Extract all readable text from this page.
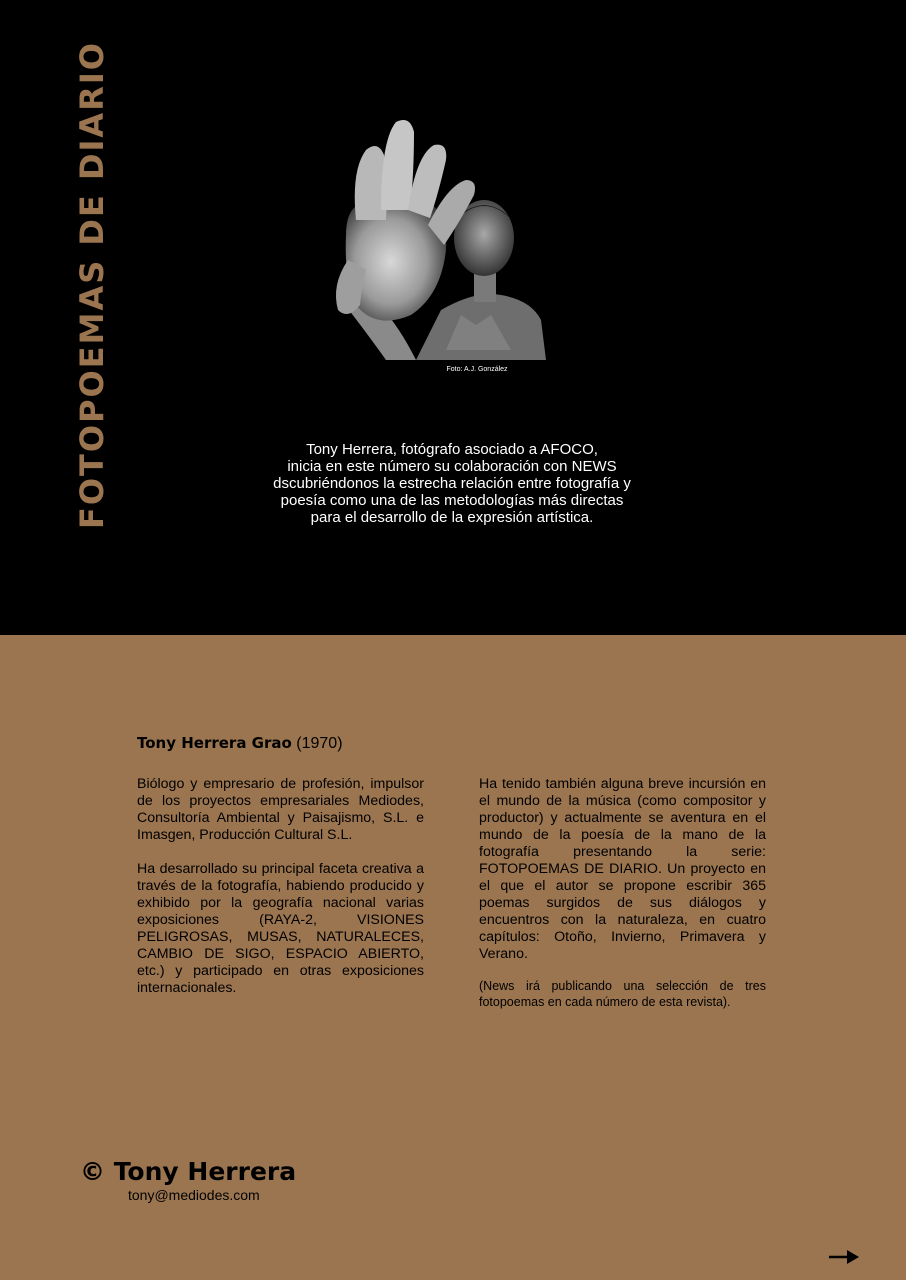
FOTOPOEMAS DE DIARIO	Foto: A.J. González

Tony Herrera, fotógrafo asociado a AFOCO,

inicia en este número su colaboración con NEWS

dscubriéndonos la estrecha relación entre fotografía y

poesía como una de las metodologías más directas

para el desarrollo de la expresión artística.

Tony Herrera Grao (1970)

Biólogo y empresario de profesión, impulsor de los proyectos empresariales Mediodes, Consultoría Ambiental y Paisajismo, S.L. e Imasgen, Producción Cultural S.L.

Ha desarrollado su principal faceta creativa a través de la fotografía, habiendo producido y exhibido por la geografía nacional varias exposiciones (RAYA-2, VISIONES PELIGROSAS, MUSAS, NATURALECES, CAMBIO DE SIGO, ESPACIO ABIERTO, etc.) y participado en otras exposiciones internacionales.

Ha tenido también alguna breve incursión en el mundo de la música (como compositor y productor) y actualmente se aventura en el mundo de la poesía de la mano de la fotografía presentando la serie: FOTOPOEMAS DE DIARIO. Un proyecto en el que el autor se propone escribir 365 poemas surgidos de sus diálogos y encuentros con la naturaleza, en cuatro capítulos: Otoño, Invierno, Primavera y Verano.

(News irá publicando una selección de tres fotopoemas en cada número de esta revista).

© Tony Herrera
tony@mediodes.com
